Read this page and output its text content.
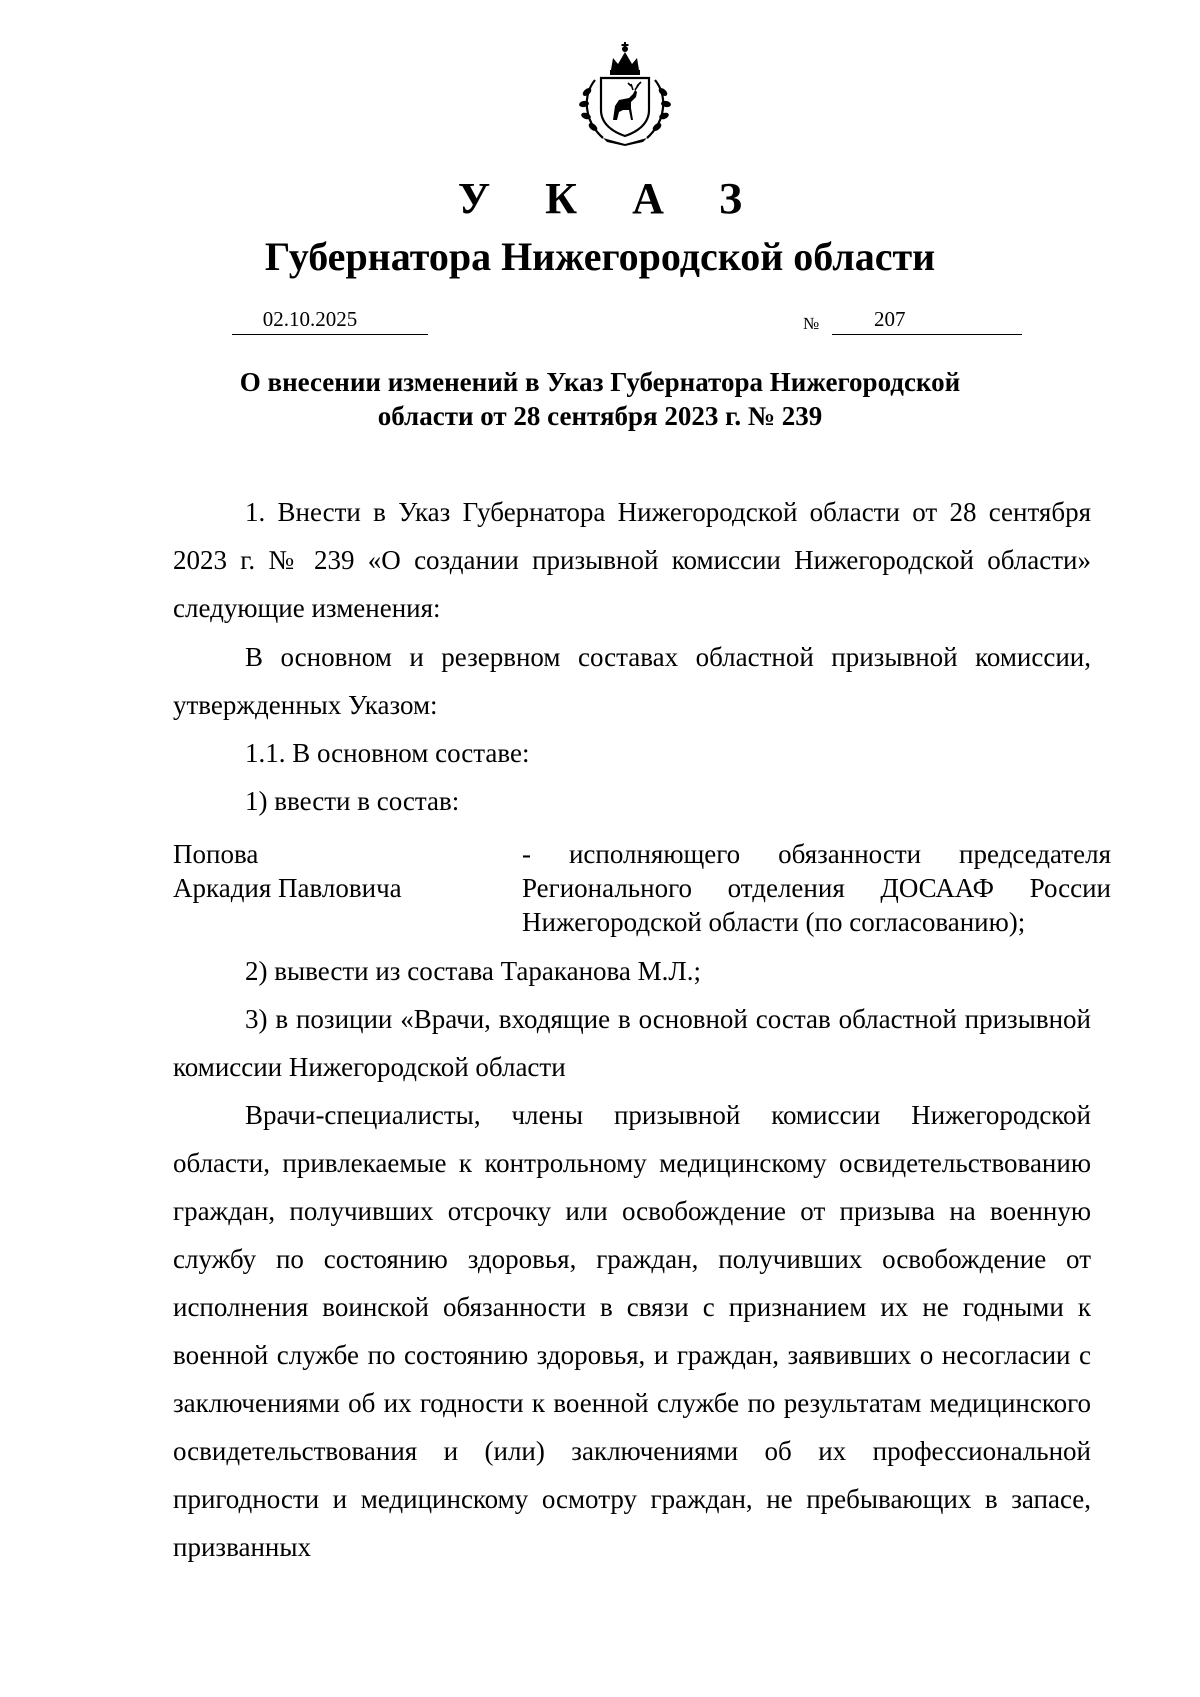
У К А З
Губернатора Нижегородской области
02.10.2025	№	207
О внесении изменений в Указ Губернатора Нижегородской
области от 28 сентября 2023 г. № 239
1. Внести в Указ Губернатора Нижегородской области от 28 сентября 2023 г. № 239 «О создании призывной комиссии Нижегородской области» следующие изменения:
В основном и резервном составах областной призывной комиссии, утвержденных Указом:
1.1. В основном составе:
1) ввести в состав:
Попова
Аркадия Павловича
- исполняющего обязанности председателя
Регионального отделения ДОСААФ России
Нижегородской области (по согласованию);
2) вывести из состава Тараканова М.Л.;
3) в позиции «Врачи, входящие в основной состав областной призывной комиссии Нижегородской области
Врачи-специалисты, члены призывной комиссии Нижегородской области, привлекаемые к контрольному медицинскому освидетельствованию граждан, получивших отсрочку или освобождение от призыва на военную службу по состоянию здоровья, граждан, получивших освобождение от исполнения воинской обязанности в связи с признанием их не годными к военной службе по состоянию здоровья, и граждан, заявивших о несогласии с заключениями об их годности к военной службе по результатам медицинского освидетельствования и (или) заключениями об их профессиональной пригодности и медицинскому осмотру граждан, не пребывающих в запасе, призванных
